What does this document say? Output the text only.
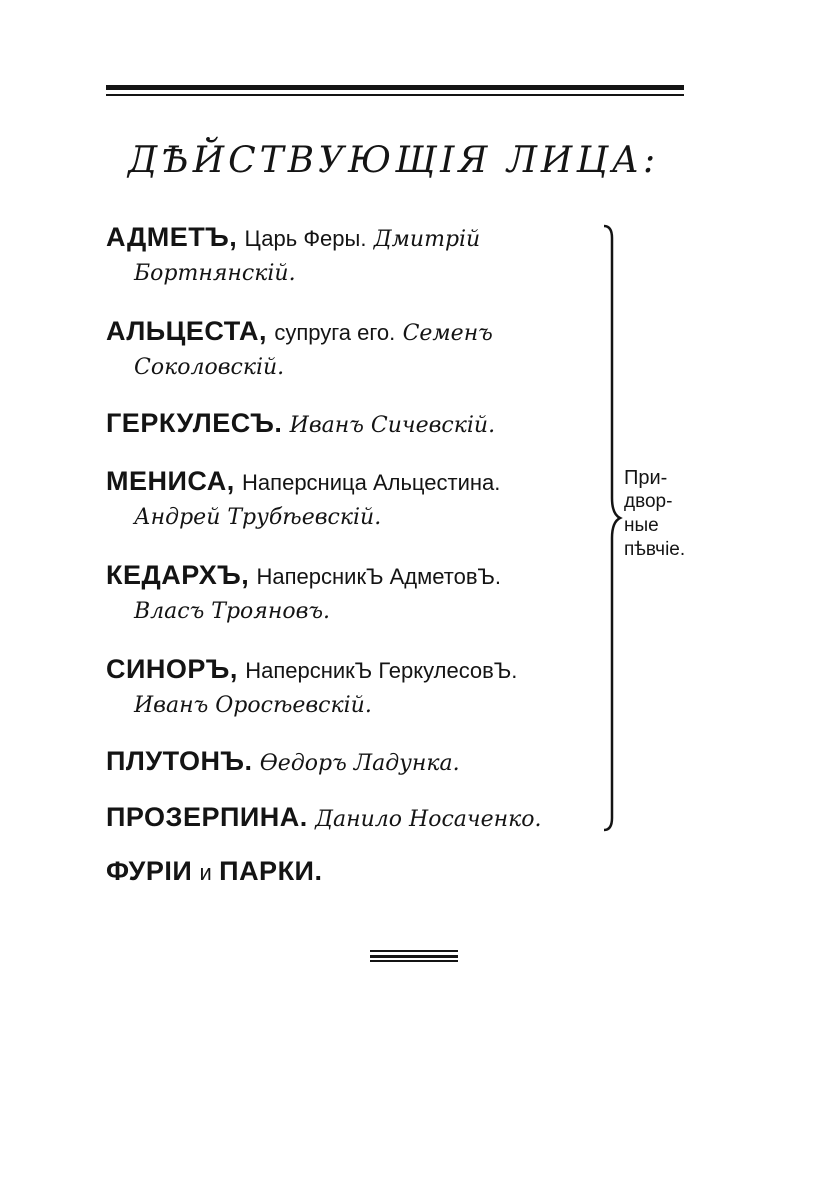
ДѢЙСТВУЮЩІЯ ЛИЦА:
АДМЕТЪ, Царь Феры. Дмитрій
Бортнянскій.
АЛЬЦЕСТА, супруга его. Семенъ
Соколовскій.
ГЕРКУЛЕСЪ. Иванъ Сичевскій.
МЕНИСА, Наперсница Альцестина.
Андрей Трубѣевскій.
КЕДАРХЪ, НаперсникЪ АдметовЪ.
Власъ Трояновъ.
СИНОРЪ, НаперсникЪ ГеркулесовЪ.
Иванъ Оросѣевскій.
ПЛУТОНЪ. Ѳедоръ Ладунка.
ПРОЗЕРПИНА. Данило Носаченко.
ФУРІИ и ПАРКИ.
При-
двор-
ные
пѣвчіе.
